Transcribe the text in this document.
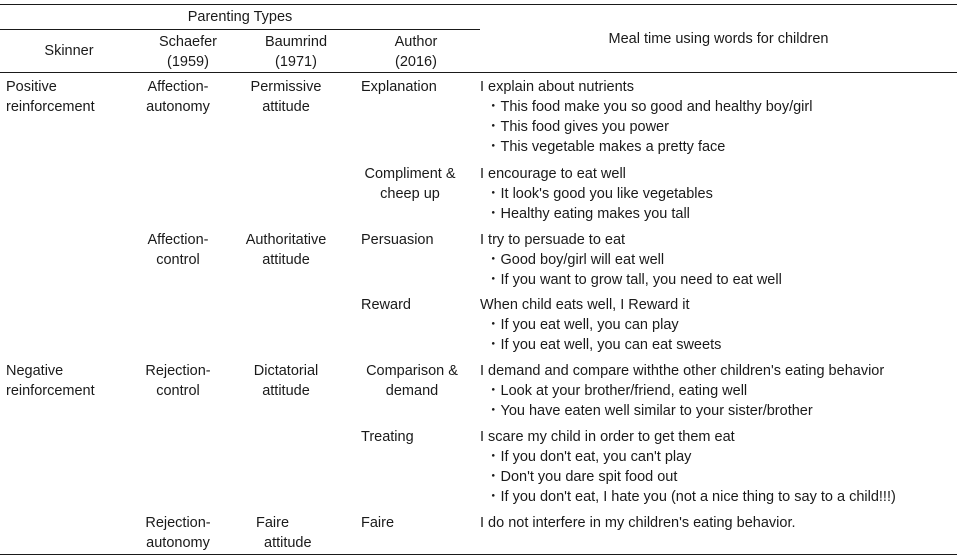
Parenting Types
Meal time using words for children
Skinner
Schaefer
(1959)
Baumrind
(1971)
Author
(2016)
Positive
reinforcement
Negative
reinforcement
Affection-
autonomy
Affection-
control
Rejection-
control
Rejection-
autonomy
Permissive
attitude
Authoritative
attitude
Dictatorial
attitude
Faire
attitude
Explanation
Compliment &
cheep up
Persuasion
Reward
Comparison &
demand
Treating
Faire
I explain about nutrients
・This food make you so good and healthy boy/girl
・This food gives you power
・This vegetable makes a pretty face
I encourage to eat well
・It look's good you like vegetables
・Healthy eating makes you tall
I try to persuade to eat
・Good boy/girl will eat well
・If you want to grow tall, you need to eat well
When child eats well, I Reward it
・If you eat well, you can play
・If you eat well, you can eat sweets
I demand and compare withthe other children's eating behavior
・Look at your brother/friend, eating well
・You have eaten well similar to your sister/brother
I scare my child in order to get them eat
・If you don't eat, you can't play
・Don't you dare spit food out
・If you don't eat, I hate you (not a nice thing to say to a child!!!)
I do not interfere in my children's eating behavior.
